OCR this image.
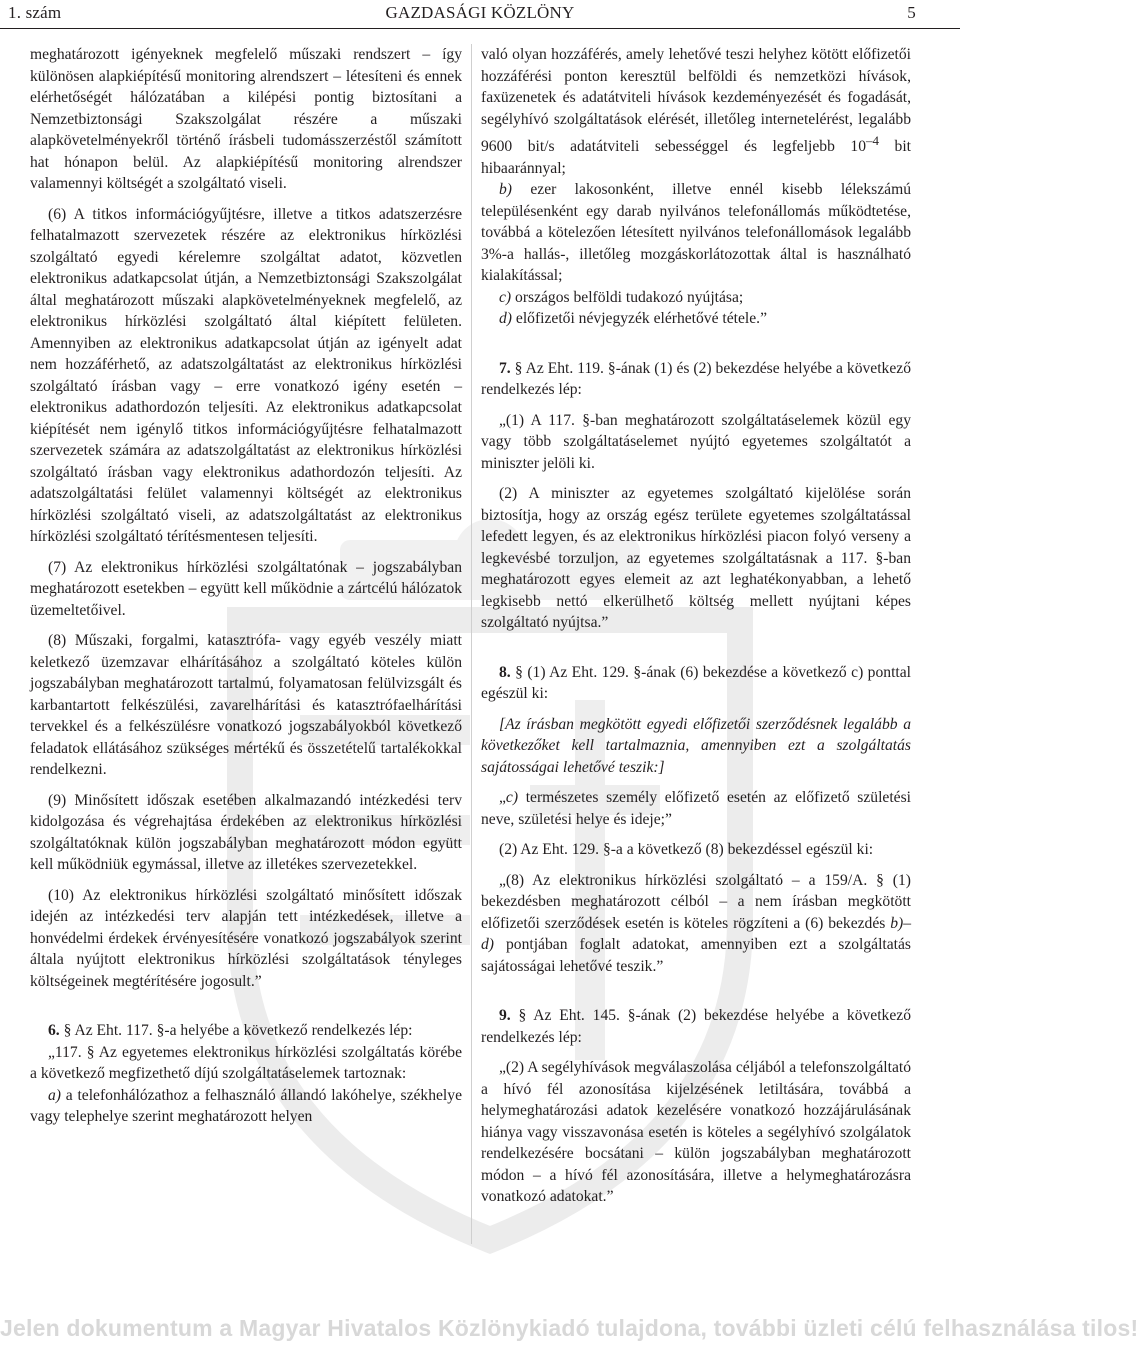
1. szám	GAZDASÁGI KÖZLÖNY	5

meghatározott igényeknek megfelelő műszaki rendszert – így különösen alapkiépítésű monitoring alrendszert – létesíteni és ennek elérhetőségét hálózatában a kilépési pontig biztosítani a Nemzetbiztonsági Szakszolgálat részére a műszaki alapkövetelményekről történő írásbeli tudomásszerzéstől számított hat hónapon belül. Az alapkiépítésű monitoring alrendszer valamennyi költségét a szolgáltató viseli.

(6) A titkos információgyűjtésre, illetve a titkos adatszerzésre felhatalmazott szervezetek részére az elektronikus hírközlési szolgáltató egyedi kérelemre szolgáltat adatot, közvetlen elektronikus adatkapcsolat útján, a Nemzetbiztonsági Szakszolgálat által meghatározott műszaki alapkövetelményeknek megfelelő, az elektronikus hírközlési szolgáltató által kiépített felületen. Amennyiben az elektronikus adatkapcsolat útján az igényelt adat nem hozzáférhető, az adatszolgáltatást az elektronikus hírközlési szolgáltató írásban vagy – erre vonatkozó igény esetén – elektronikus adathordozón teljesíti. Az elektronikus adatkapcsolat kiépítését nem igénylő titkos információgyűjtésre felhatalmazott szervezetek számára az adatszolgáltatást az elektronikus hírközlési szolgáltató írásban vagy elektronikus adathordozón teljesíti. Az adatszolgáltatási felület valamennyi költségét az elektronikus hírközlési szolgáltató viseli, az adatszolgáltatást az elektronikus hírközlési szolgáltató térítésmentesen teljesíti.

(7) Az elektronikus hírközlési szolgáltatónak – jogszabályban meghatározott esetekben – együtt kell működnie a zártcélú hálózatok üzemeltetőivel.

(8) Műszaki, forgalmi, katasztrófa- vagy egyéb veszély miatt keletkező üzemzavar elhárításához a szolgáltató köteles külön jogszabályban meghatározott tartalmú, folyamatosan felülvizsgált és karbantartott felkészülési, zavarelhárítási és katasztrófaelhárítási tervekkel és a felkészülésre vonatkozó jogszabályokból következő feladatok ellátásához szükséges mértékű és összetételű tartalékokkal rendelkezni.

(9) Minősített időszak esetében alkalmazandó intézkedési terv kidolgozása és végrehajtása érdekében az elektronikus hírközlési szolgáltatóknak külön jogszabályban meghatározott módon együtt kell működniük egymással, illetve az illetékes szervezetekkel.

(10) Az elektronikus hírközlési szolgáltató minősített időszak idején az intézkedési terv alapján tett intézkedések, illetve a honvédelmi érdekek érvényesítésére vonatkozó jogszabályok szerint általa nyújtott elektronikus hírközlési szolgáltatások tényleges költségeinek megtérítésére jogosult.”

6. § Az Eht. 117. §-a helyébe a következő rendelkezés lép:

„117. § Az egyetemes elektronikus hírközlési szolgáltatás körébe a következő megfizethető díjú szolgáltatáselemek tartoznak:

a) a telefonhálózathoz a felhasználó állandó lakóhelye, székhelye vagy telephelye szerint meghatározott helyen

való olyan hozzáférés, amely lehetővé teszi helyhez kötött előfizetői hozzáférési ponton keresztül belföldi és nemzetközi hívások, faxüzenetek és adatátviteli hívások kezdeményezését és fogadását, segélyhívó szolgáltatások elérését, illetőleg internetelérést, legalább 9600 bit/s adatátviteli sebességgel és legfeljebb $10^{-4}$ bit hibaaránnyal;

b) ezer lakosonként, illetve ennél kisebb lélekszámú településenként egy darab nyilvános telefonállomás működtetése, továbbá a kötelezően létesített nyilvános telefonállomások legalább 3%-a hallás-, illetőleg mozgáskorlátozottak által is használható kialakítással;

c) országos belföldi tudakozó nyújtása;

d) előfizetői névjegyzék elérhetővé tétele.”

7. § Az Eht. 119. §-ának (1) és (2) bekezdése helyébe a következő rendelkezés lép:

„(1) A 117. §-ban meghatározott szolgáltatáselemek közül egy vagy több szolgáltatáselemet nyújtó egyetemes szolgáltatót a miniszter jelöli ki.

(2) A miniszter az egyetemes szolgáltató kijelölése során biztosítja, hogy az ország egész területe egyetemes szolgáltatással lefedett legyen, és az elektronikus hírközlési piacon folyó verseny a legkevésbé torzuljon, az egyetemes szolgáltatásnak a 117. §-ban meghatározott egyes elemeit az azt leghatékonyabban, a lehető legkisebb nettó elkerülhető költség mellett nyújtani képes szolgáltató nyújtsa.”

8. § (1) Az Eht. 129. §-ának (6) bekezdése a következő c) ponttal egészül ki:

[Az írásban megkötött egyedi előfizetői szerződésnek legalább a következőket kell tartalmaznia, amennyiben ezt a szolgáltatás sajátosságai lehetővé teszik:]

„c) természetes személy előfizető esetén az előfizető születési neve, születési helye és ideje;”

(2) Az Eht. 129. §-a a következő (8) bekezdéssel egészül ki:

„(8) Az elektronikus hírközlési szolgáltató – a 159/A. § (1) bekezdésben meghatározott célból – a nem írásban megkötött előfizetői szerződések esetén is köteles rögzíteni a (6) bekezdés b)–d) pontjában foglalt adatokat, amennyiben ezt a szolgáltatás sajátosságai lehetővé teszik.”

9. § Az Eht. 145. §-ának (2) bekezdése helyébe a következő rendelkezés lép:

„(2) A segélyhívások megválaszolása céljából a telefonszolgáltató a hívó fél azonosítása kijelzésének letiltására, továbbá a helymeghatározási adatok kezelésére vonatkozó hozzájárulásának hiánya vagy visszavonása esetén is köteles a segélyhívó szolgálatok rendelkezésére bocsátani – külön jogszabályban meghatározott módon – a hívó fél azonosítására, illetve a helymeghatározásra vonatkozó adatokat.”

Jelen dokumentum a Magyar Hivatalos Közlönykiadó tulajdona, további üzleti célú felhasználása tilos!
